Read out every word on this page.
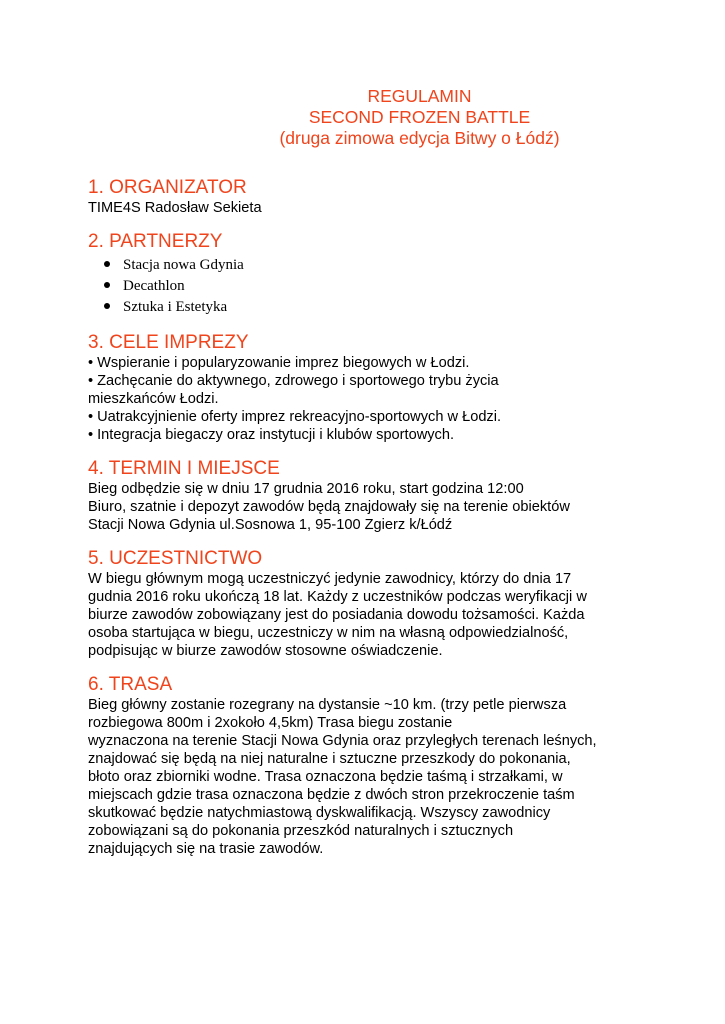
REGULAMIN
SECOND FROZEN BATTLE
(druga zimowa edycja Bitwy o Łódź)
1. ORGANIZATOR

TIME4S Radosław Sekieta

2. PARTNERZY
Stacja nowa Gdynia
Decathlon
Sztuka i Estetyka
3. CELE IMPREZY
• Wspieranie i popularyzowanie imprez biegowych w Łodzi.
• Zachęcanie do aktywnego, zdrowego i sportowego trybu życia
mieszkańców Łodzi.
• Uatrakcyjnienie oferty imprez rekreacyjno-sportowych w Łodzi.
• Integracja biegaczy oraz instytucji i klubów sportowych.
4. TERMIN I MIEJSCE

Bieg odbędzie się w dniu 17 grudnia 2016 roku, start godzina 12:00
Biuro, szatnie i depozyt zawodów będą znajdowały się na terenie obiektów
Stacji Nowa Gdynia ul.Sosnowa 1, 95-100 Zgierz k/Łódź

5. UCZESTNICTWO

W biegu głównym mogą uczestniczyć jedynie zawodnicy, którzy do dnia 17
gudnia 2016 roku ukończą 18 lat. Każdy z uczestników podczas weryfikacji w
biurze zawodów zobowiązany jest do posiadania dowodu tożsamości. Każda
osoba startująca w biegu, uczestniczy w nim na własną odpowiedzialność,
podpisując w biurze zawodów stosowne oświadczenie.

6. TRASA

Bieg główny zostanie rozegrany na dystansie ~10 km. (trzy petle pierwsza
rozbiegowa 800m i 2xokoło 4,5km) Trasa biegu zostanie
wyznaczona na terenie Stacji Nowa Gdynia oraz przyległych terenach leśnych,
znajdować się będą na niej naturalne i sztuczne przeszkody do pokonania,
błoto oraz zbiorniki wodne. Trasa oznaczona będzie taśmą i strzałkami, w
miejscach gdzie trasa oznaczona będzie z dwóch stron przekroczenie taśm
skutkować będzie natychmiastową dyskwalifikacją. Wszyscy zawodnicy
zobowiązani są do pokonania przeszkód naturalnych i sztucznych
znajdujących się na trasie zawodów.
